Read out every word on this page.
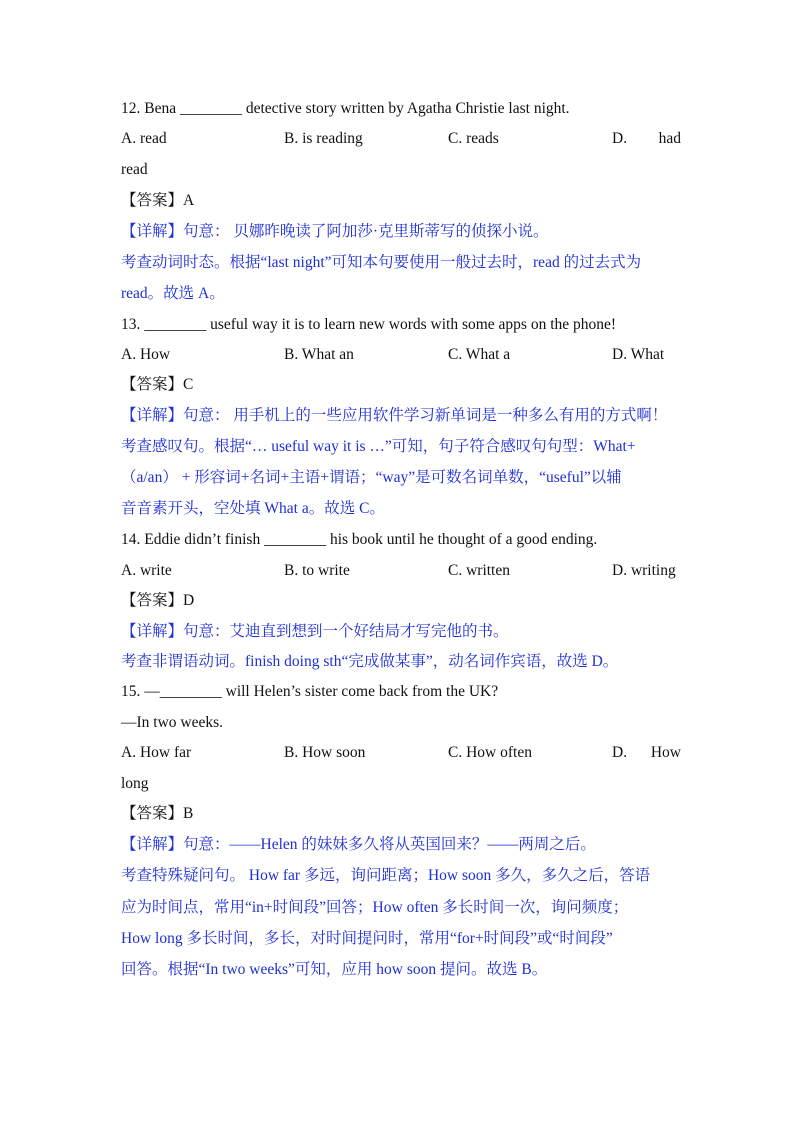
12. Bena ________ detective story written by Agatha Christie last night.
A. read	B. is reading	C. reads	D. had
read
【答案】A
【详解】句意： 贝娜昨晚读了阿加莎·克里斯蒂写的侦探小说。
考查动词时态。根据“last night”可知本句要使用一般过去时，read 的过去式为
read。故选 A。
13. ________ useful way it is to learn new words with some apps on the phone!
A. How	B. What an	C. What a	D. What
【答案】C
【详解】句意： 用手机上的一些应用软件学习新单词是一种多么有用的方式啊！
考查感叹句。根据“… useful way it is …”可知，句子符合感叹句句型：What+
（a/an） + 形容词+名词+主语+谓语；“way”是可数名词单数，“useful”以辅
音音素开头，空处填 What a。故选 C。
14. Eddie didn’t finish ________ his book until he thought of a good ending.
A. write	B. to write	C. written	D. writing
【答案】D
【详解】句意：艾迪直到想到一个好结局才写完他的书。
考查非谓语动词。finish doing sth“完成做某事”，动名词作宾语，故选 D。
15. —________ will Helen’s sister come back from the UK?
—In two weeks.
A. How far	B. How soon	C. How often	D. How
long
【答案】B
【详解】句意：——Helen 的妹妹多久将从英国回来？——两周之后。
考查特殊疑问句。 How far 多远，询问距离；How soon 多久，多久之后，答语
应为时间点，常用“in+时间段”回答；How often 多长时间一次，询问频度；
How long 多长时间，多长，对时间提问时，常用“for+时间段”或“时间段”
回答。根据“In two weeks”可知，应用 how soon 提问。故选 B。
